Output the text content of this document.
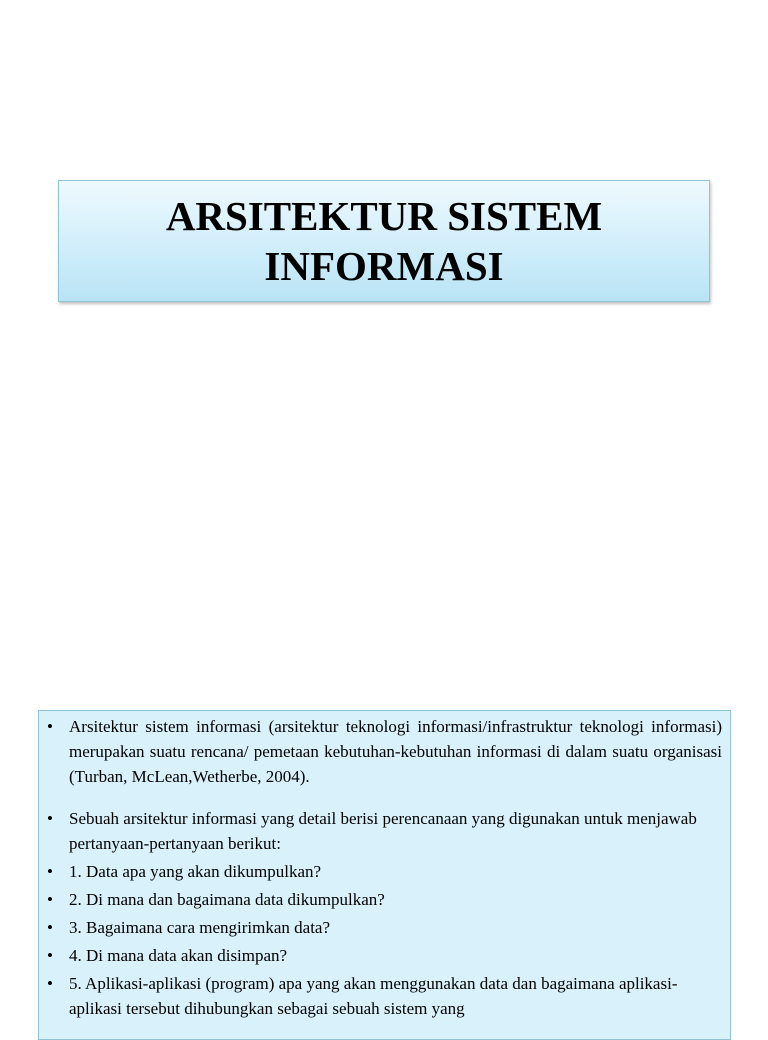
ARSITEKTUR SISTEM INFORMASI
• Arsitektur sistem informasi (arsitektur teknologi informasi/infrastruktur teknologi informasi) merupakan suatu rencana/ pemetaan kebutuhan-kebutuhan informasi di dalam suatu organisasi (Turban, McLean,Wetherbe, 2004).
• Sebuah arsitektur informasi yang detail berisi perencanaan yang digunakan untuk menjawab pertanyaan-pertanyaan berikut:
• 1. Data apa yang akan dikumpulkan?
• 2. Di mana dan bagaimana data dikumpulkan?
• 3. Bagaimana cara mengirimkan data?
• 4. Di mana data akan disimpan?
• 5. Aplikasi-aplikasi (program) apa yang akan menggunakan data dan bagaimana aplikasi-aplikasi tersebut dihubungkan sebagai sebuah sistem yang
